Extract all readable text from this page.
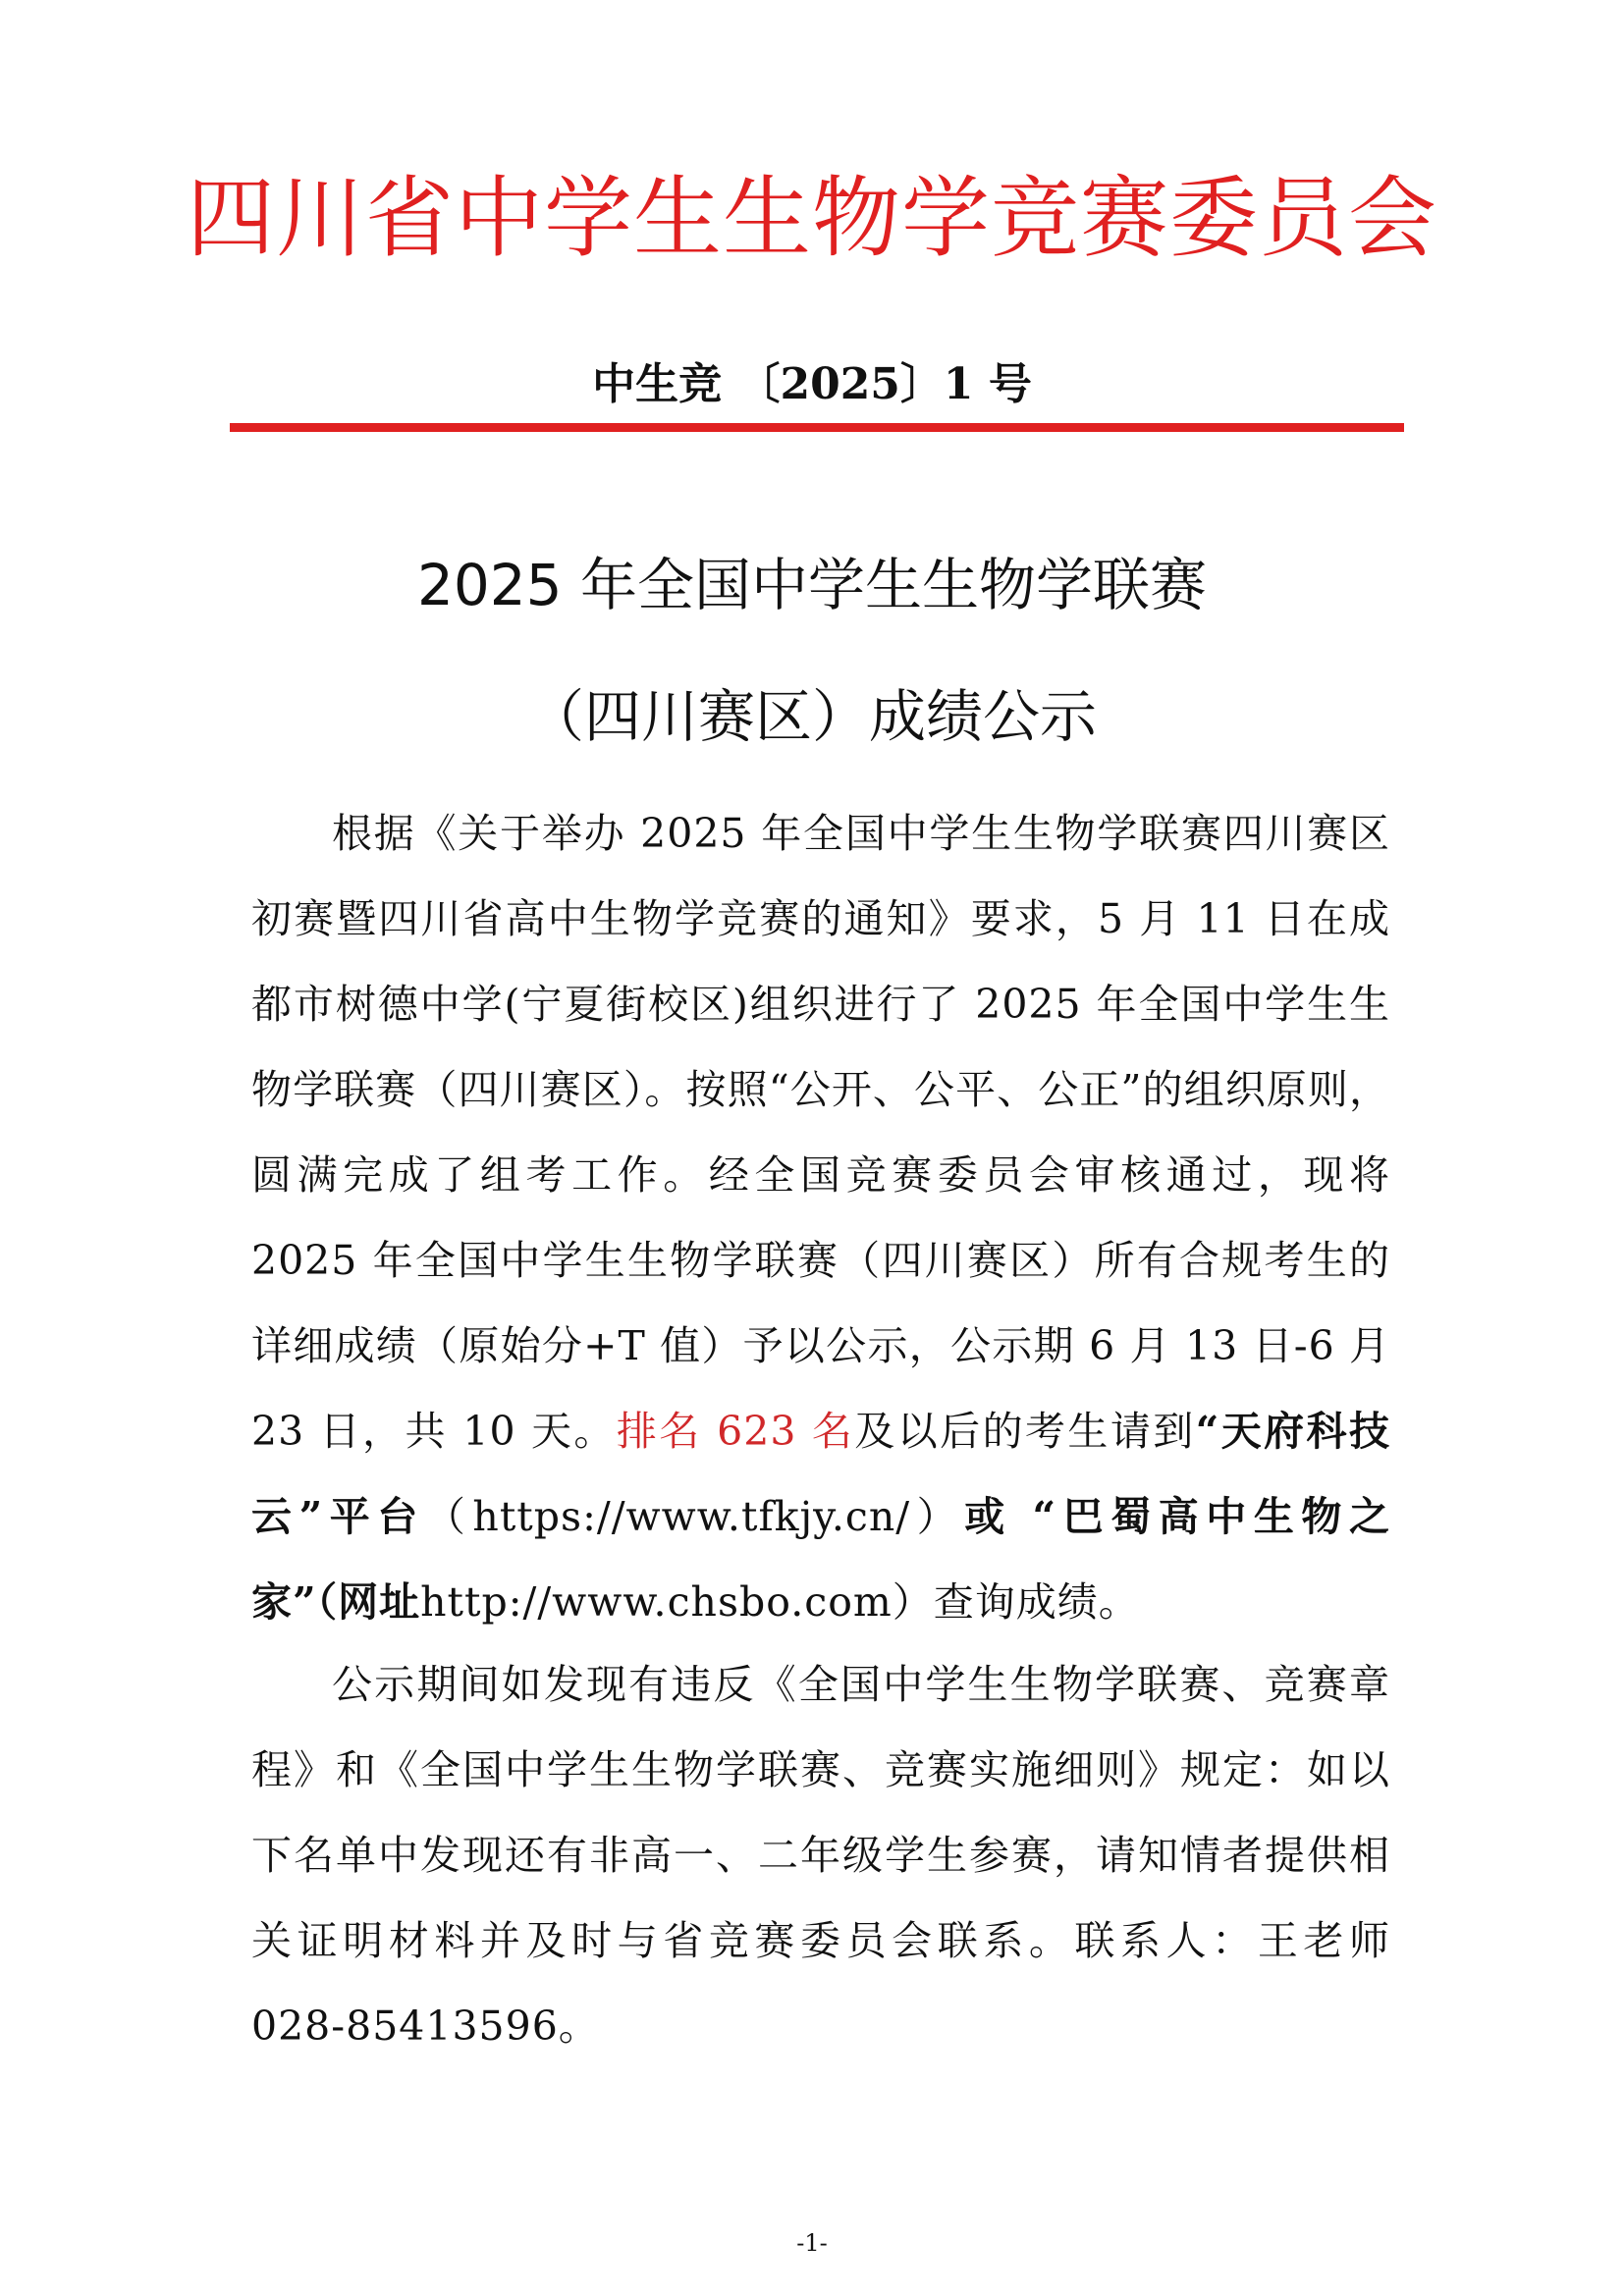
四川省中学生生物学竞赛委员会
中生竞 〔2025〕1 号
2025 年全国中学生生物学联赛
（四川赛区）成绩公示

根据《关于举办 2025 年全国中学生生物学联赛四川赛区初赛暨四川省高中生物学竞赛的通知》要求，5 月 11 日在成都市树德中学(宁夏街校区)组织进行了 2025 年全国中学生生物学联赛（四川赛区）。按照“公开、公平、公正”的组织原则，圆满完成了组考工作。经全国竞赛委员会审核通过，现将 2025 年全国中学生生物学联赛（四川赛区）所有合规考生的详细成绩（原始分+T 值）予以公示，公示期 6 月 13 日-6 月 23 日，共 10 天。排名 623 名及以后的考生请到“天府科技云”平台（https://www.tfkjy.cn/）或 “巴蜀高中生物之家”（网址http://www.chsbo.com）查询成绩。

公示期间如发现有违反《全国中学生生物学联赛、竞赛章程》和《全国中学生生物学联赛、竞赛实施细则》规定：如以下名单中发现还有非高一、二年级学生参赛，请知情者提供相关证明材料并及时与省竞赛委员会联系。联系人：王老师 028-85413596。

-1-
